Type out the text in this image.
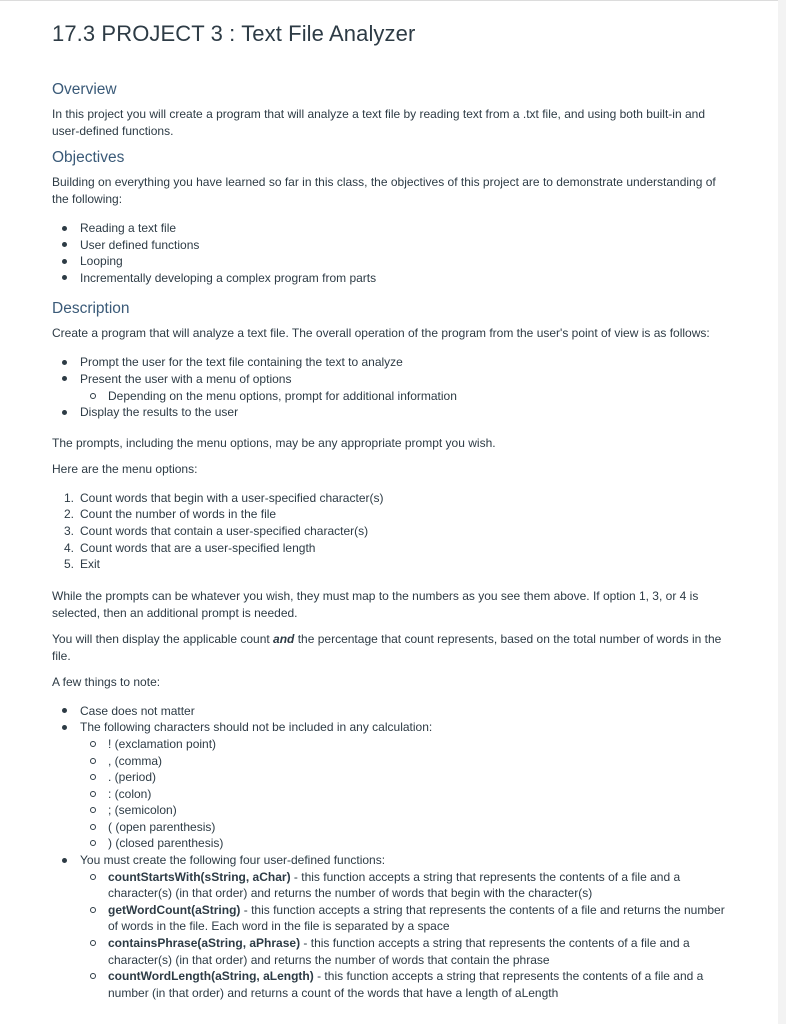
17.3 PROJECT 3 : Text File Analyzer
Overview

In this project you will create a program that will analyze a text file by reading text from a .txt file, and using both built-in and user-defined functions.

Objectives

Building on everything you have learned so far in this class, the objectives of this project are to demonstrate understanding of the following:

Reading a text file
User defined functions
Looping
Incrementally developing a complex program from parts
Description

Create a program that will analyze a text file. The overall operation of the program from the user's point of view is as follows:

Prompt the user for the text file containing the text to analyze
Present the user with a menu of options
Depending on the menu options, prompt for additional information
Display the results to the user

The prompts, including the menu options, may be any appropriate prompt you wish.

Here are the menu options:

1. Count words that begin with a user-specified character(s)
2. Count the number of words in the file
3. Count words that contain a user-specified character(s)
4. Count words that are a user-specified length
5. Exit

While the prompts can be whatever you wish, they must map to the numbers as you see them above. If option 1, 3, or 4 is selected, then an additional prompt is needed.

You will then display the applicable count and the percentage that count represents, based on the total number of words in the file.

A few things to note:

Case does not matter
The following characters should not be included in any calculation:
! (exclamation point)
, (comma)
. (period)
: (colon)
; (semicolon)
( (open parenthesis)
) (closed parenthesis)
You must create the following four user-defined functions:
countStartsWith(sString, aChar) - this function accepts a string that represents the contents of a file and a character(s) (in that order) and returns the number of words that begin with the character(s)
getWordCount(aString) - this function accepts a string that represents the contents of a file and returns the number of words in the file. Each word in the file is separated by a space
containsPhrase(aString, aPhrase) - this function accepts a string that represents the contents of a file and a character(s) (in that order) and returns the number of words that contain the phrase
countWordLength(aString, aLength) - this function accepts a string that represents the contents of a file and a number (in that order) and returns a count of the words that have a length of aLength
